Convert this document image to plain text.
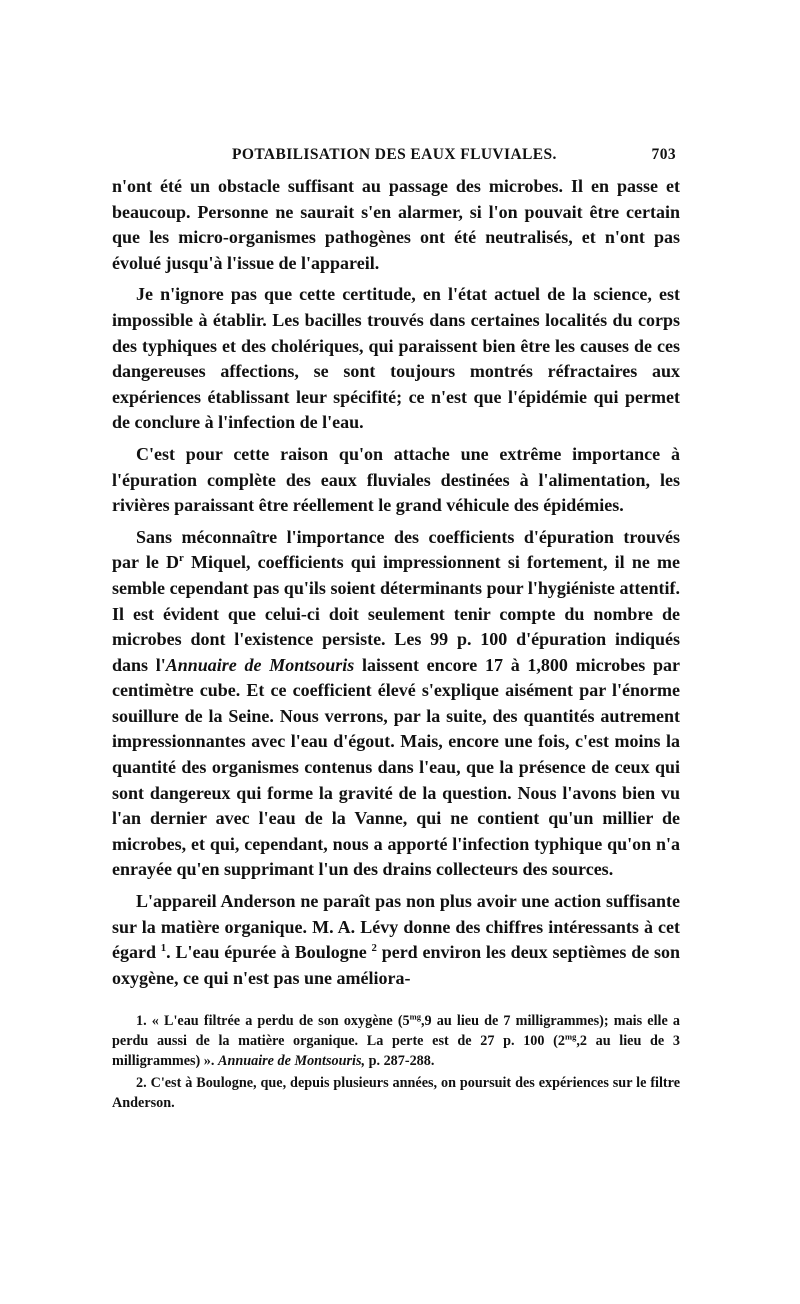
POTABILISATION DES EAUX FLUVIALES.	703

n'ont été un obstacle suffisant au passage des microbes. Il en passe et beaucoup. Personne ne saurait s'en alarmer, si l'on pouvait être certain que les micro-organismes pathogènes ont été neutralisés, et n'ont pas évolué jusqu'à l'issue de l'appareil.

Je n'ignore pas que cette certitude, en l'état actuel de la science, est impossible à établir. Les bacilles trouvés dans certaines localités du corps des typhiques et des cholériques, qui paraissent bien être les causes de ces dangereuses affections, se sont toujours montrés réfractaires aux expériences établissant leur spécifité; ce n'est que l'épidémie qui permet de conclure à l'infection de l'eau.

C'est pour cette raison qu'on attache une extrême importance à l'épuration complète des eaux fluviales destinées à l'alimentation, les rivières paraissant être réellement le grand véhicule des épidémies.

Sans méconnaître l'importance des coefficients d'épuration trouvés par le $D^r$ Miquel, coefficients qui impressionnent si fortement, il ne me semble cependant pas qu'ils soient déterminants pour l'hygiéniste attentif. Il est évident que celui-ci doit seulement tenir compte du nombre de microbes dont l'existence persiste. Les 99 p. 100 d'épuration indiqués dans l'Annuaire de Montsouris laissent encore 17 à 1,800 microbes par centimètre cube. Et ce coefficient élevé s'explique aisément par l'énorme souillure de la Seine. Nous verrons, par la suite, des quantités autrement impressionnantes avec l'eau d'égout. Mais, encore une fois, c'est moins la quantité des organismes contenus dans l'eau, que la présence de ceux qui sont dangereux qui forme la gravité de la question. Nous l'avons bien vu l'an dernier avec l'eau de la Vanne, qui ne contient qu'un millier de microbes, et qui, cependant, nous a apporté l'infection typhique qu'on n'a enrayée qu'en supprimant l'un des drains collecteurs des sources.

L'appareil Anderson ne paraît pas non plus avoir une action suffisante sur la matière organique. M. A. Lévy donne des chiffres intéressants à cet égard $^1$. L'eau épurée à Boulogne $^2$ perd environ les deux septièmes de son oxygène, ce qui n'est pas une améliora-

1. « L'eau filtrée a perdu de son oxygène ($5^{mg},9$ au lieu de 7 milligrammes); mais elle a perdu aussi de la matière organique. La perte est de 27 p. 100 ($2^{mg},2$ au lieu de 3 milligrammes) ». Annuaire de Montsouris, p. 287-288.

2. C'est à Boulogne, que, depuis plusieurs années, on poursuit des expériences sur le filtre Anderson.
